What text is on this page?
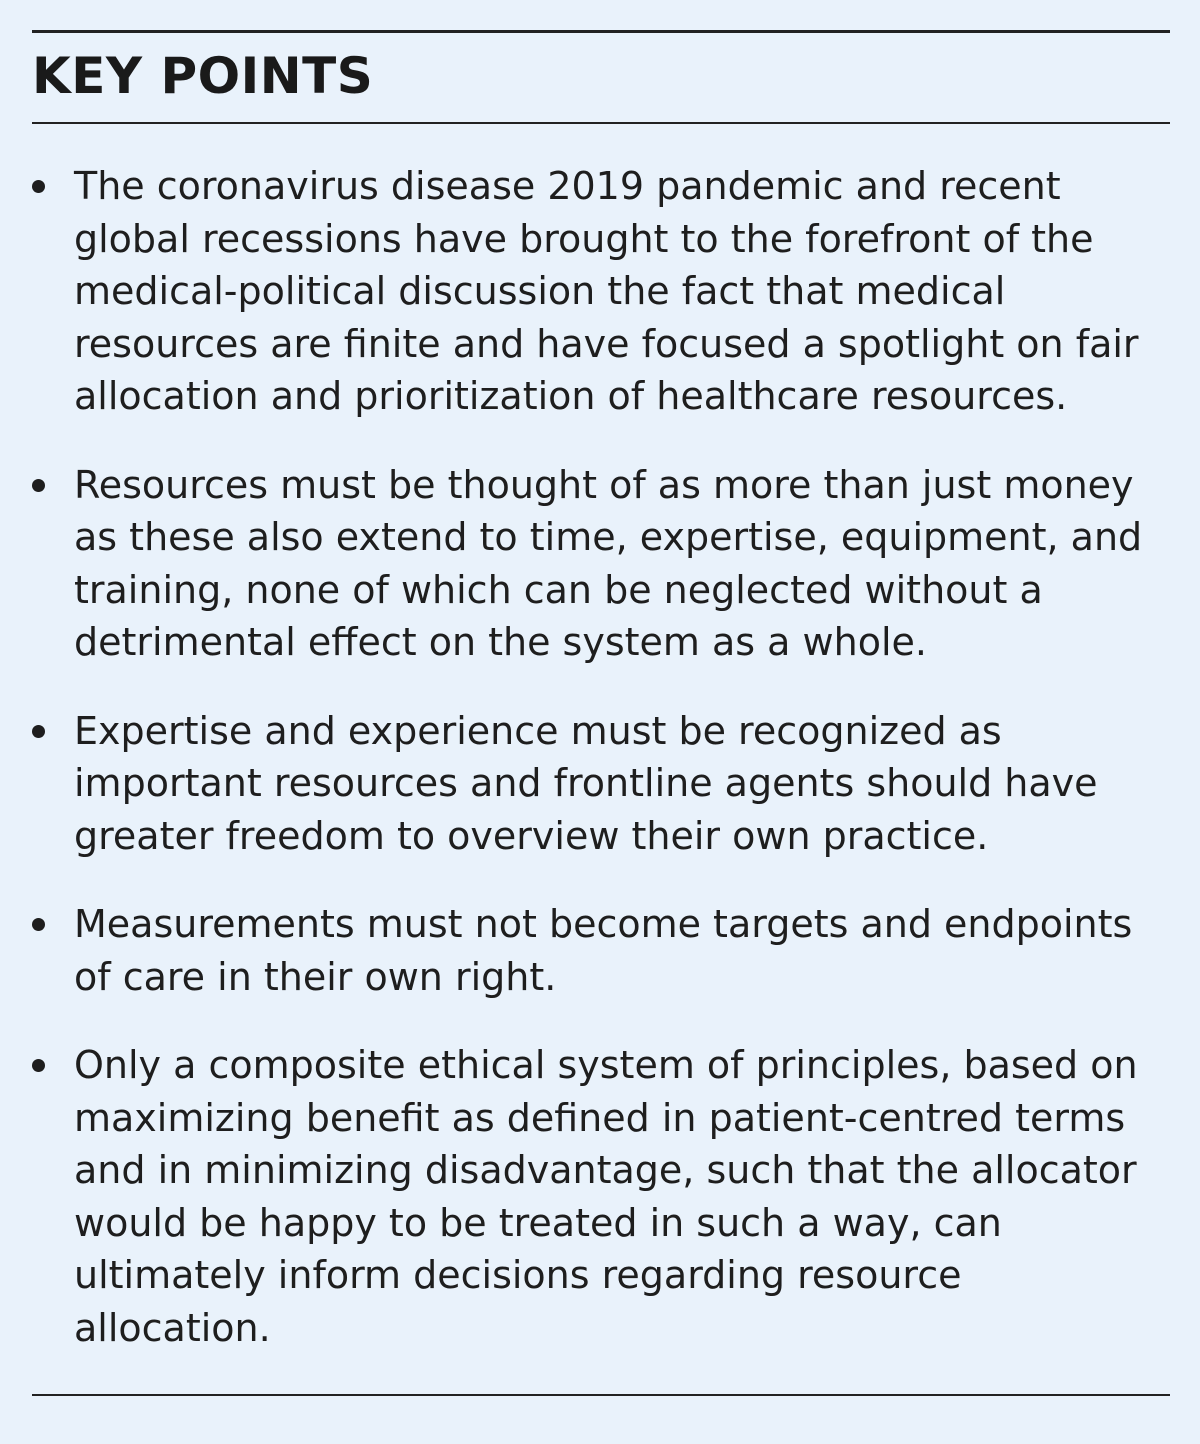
KEY POINTS
The coronavirus disease 2019 pandemic and recent global recessions have brought to the forefront of the medical-political discussion the fact that medical resources are finite and have focused a spotlight on fair allocation and prioritization of healthcare resources.
Resources must be thought of as more than just money as these also extend to time, expertise, equipment, and training, none of which can be neglected without a detrimental effect on the system as a whole.
Expertise and experience must be recognized as important resources and frontline agents should have greater freedom to overview their own practice.
Measurements must not become targets and endpoints of care in their own right.
Only a composite ethical system of principles, based on maximizing benefit as defined in patient-centred terms and in minimizing disadvantage, such that the allocator would be happy to be treated in such a way, can ultimately inform decisions regarding resource allocation.
